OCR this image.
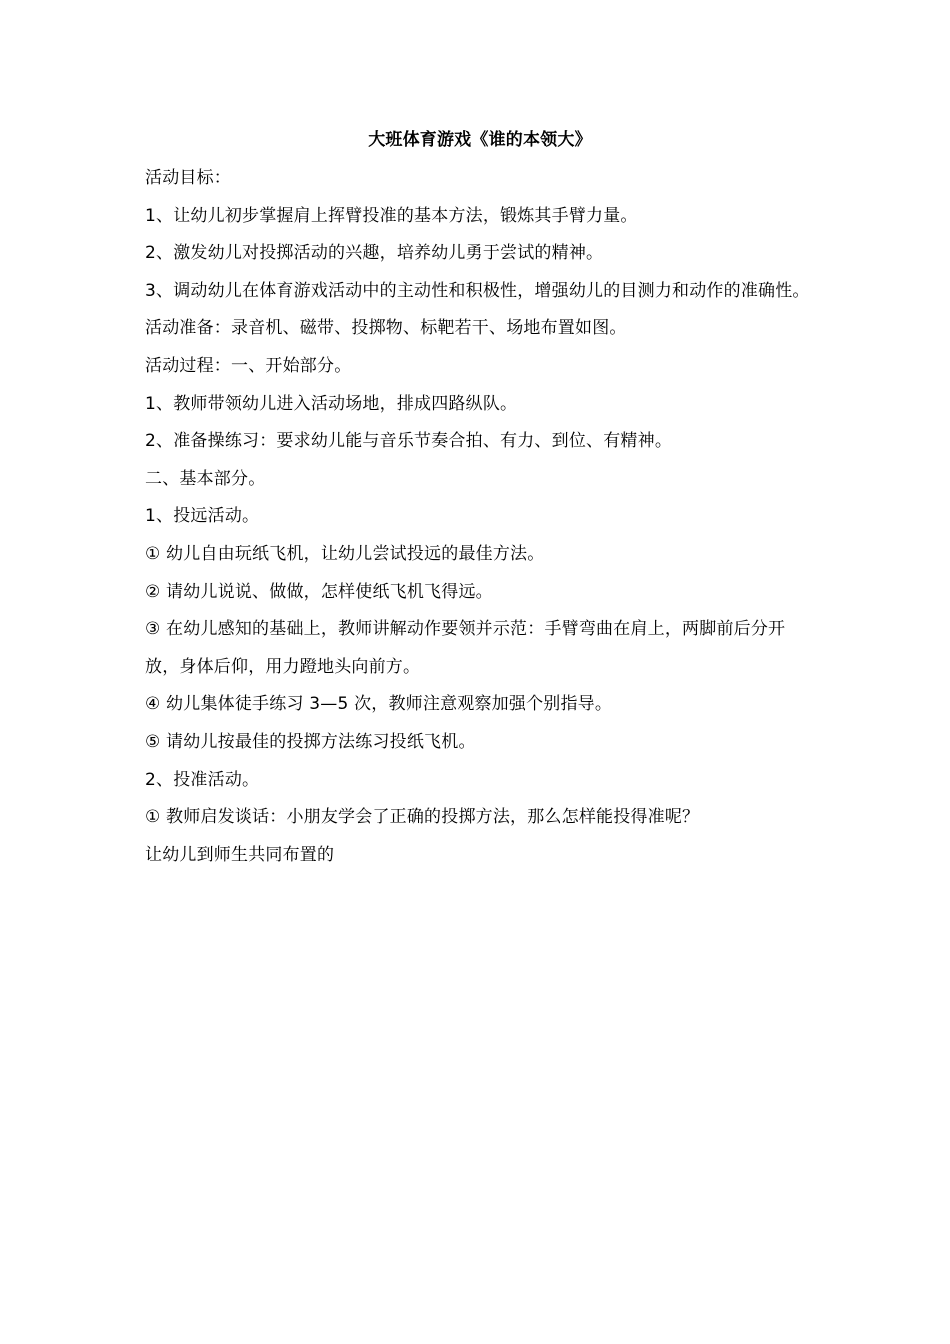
大班体育游戏《谁的本领大》

活动目标：

1、让幼儿初步掌握肩上挥臂投准的基本方法，锻炼其手臂力量。

2、激发幼儿对投掷活动的兴趣，培养幼儿勇于尝试的精神。

3、调动幼儿在体育游戏活动中的主动性和积极性，增强幼儿的目测力和动作的准确性。

活动准备：录音机、磁带、投掷物、标靶若干、场地布置如图。

活动过程：一、开始部分。

1、教师带领幼儿进入活动场地，排成四路纵队。

2、准备操练习：要求幼儿能与音乐节奏合拍、有力、到位、有精神。

二、基本部分。

1、投远活动。

① 幼儿自由玩纸飞机，让幼儿尝试投远的最佳方法。

② 请幼儿说说、做做，怎样使纸飞机飞得远。

③ 在幼儿感知的基础上，教师讲解动作要领并示范：手臂弯曲在肩上，两脚前后分开放，身体后仰，用力蹬地头向前方。

④ 幼儿集体徒手练习 3—5 次，教师注意观察加强个别指导。

⑤ 请幼儿按最佳的投掷方法练习投纸飞机。

2、投准活动。

① 教师启发谈话：小朋友学会了正确的投掷方法，那么怎样能投得准呢？

让幼儿到师生共同布置的
